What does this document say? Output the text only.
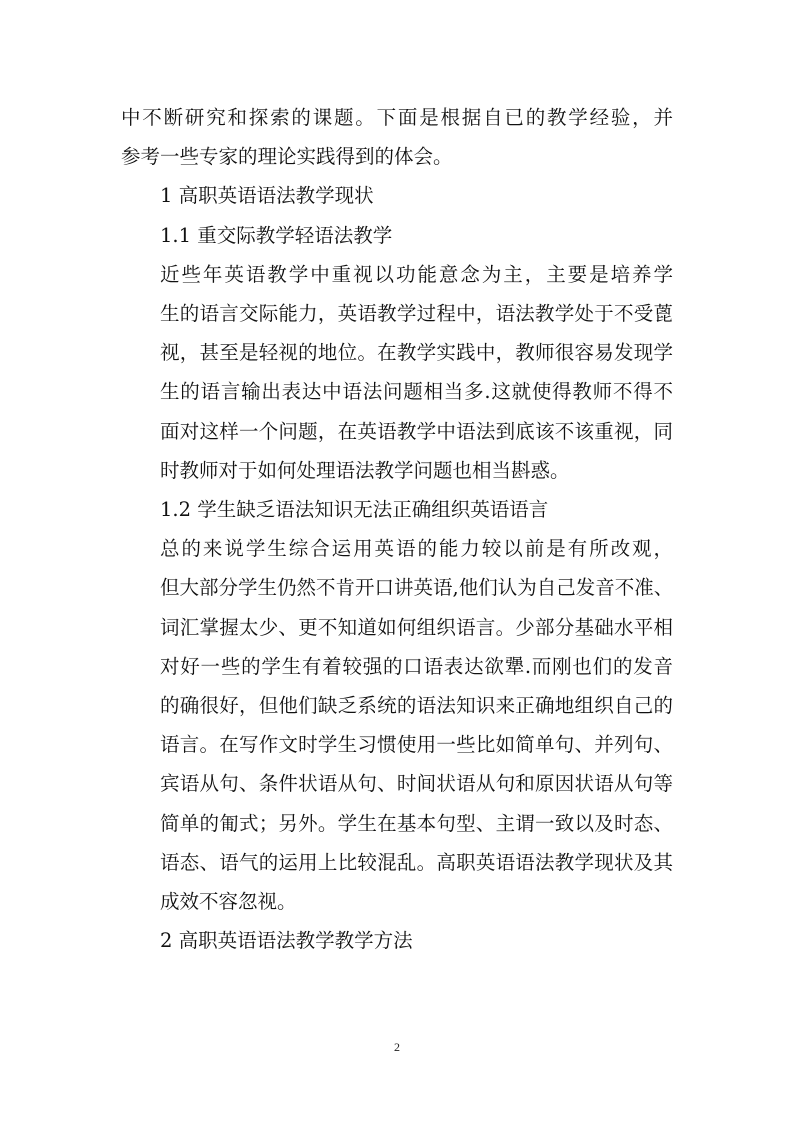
中不断研究和探索的课题。下面是根据自已的教学经验，并
参考一些专家的理论实践得到的体会。

1 高职英语语法教学现状

1.1 重交际教学轻语法教学

近些年英语教学中重视以功能意念为主，主要是培养学
生的语言交际能力，英语教学过程中，语法教学处于不受蓖
视，甚至是轻视的地位。在教学实践中，教师很容易发现学
生的语言输出表达中语法问题相当多.这就使得教师不得不
面对这样一个问题，在英语教学中语法到底该不该重视，同
时教师对于如何处理语法教学问题也相当斟惑。

1.2 学生缺乏语法知识无法正确组织英语语言

总的来说学生综合运用英语的能力较以前是有所改观，
但大部分学生仍然不肯开口讲英语,他们认为自己发音不准、
词汇掌握太少、更不知道如何组织语言。少部分基础水平相
对好一些的学生有着较强的口语表达欲犟.而刚也们的发音
的确很好，但他们缺乏系统的语法知识来正确地组织自己的
语言。在写作文时学生习惯使用一些比如简单句、并列句、
宾语从句、条件状语从句、时间状语从句和原因状语从句等
简单的匍式；另外。学生在基本句型、主谓一致以及时态、
语态、语气的运用上比较混乱。高职英语语法教学现状及其
成效不容忽视。

2 高职英语语法教学教学方法

2
